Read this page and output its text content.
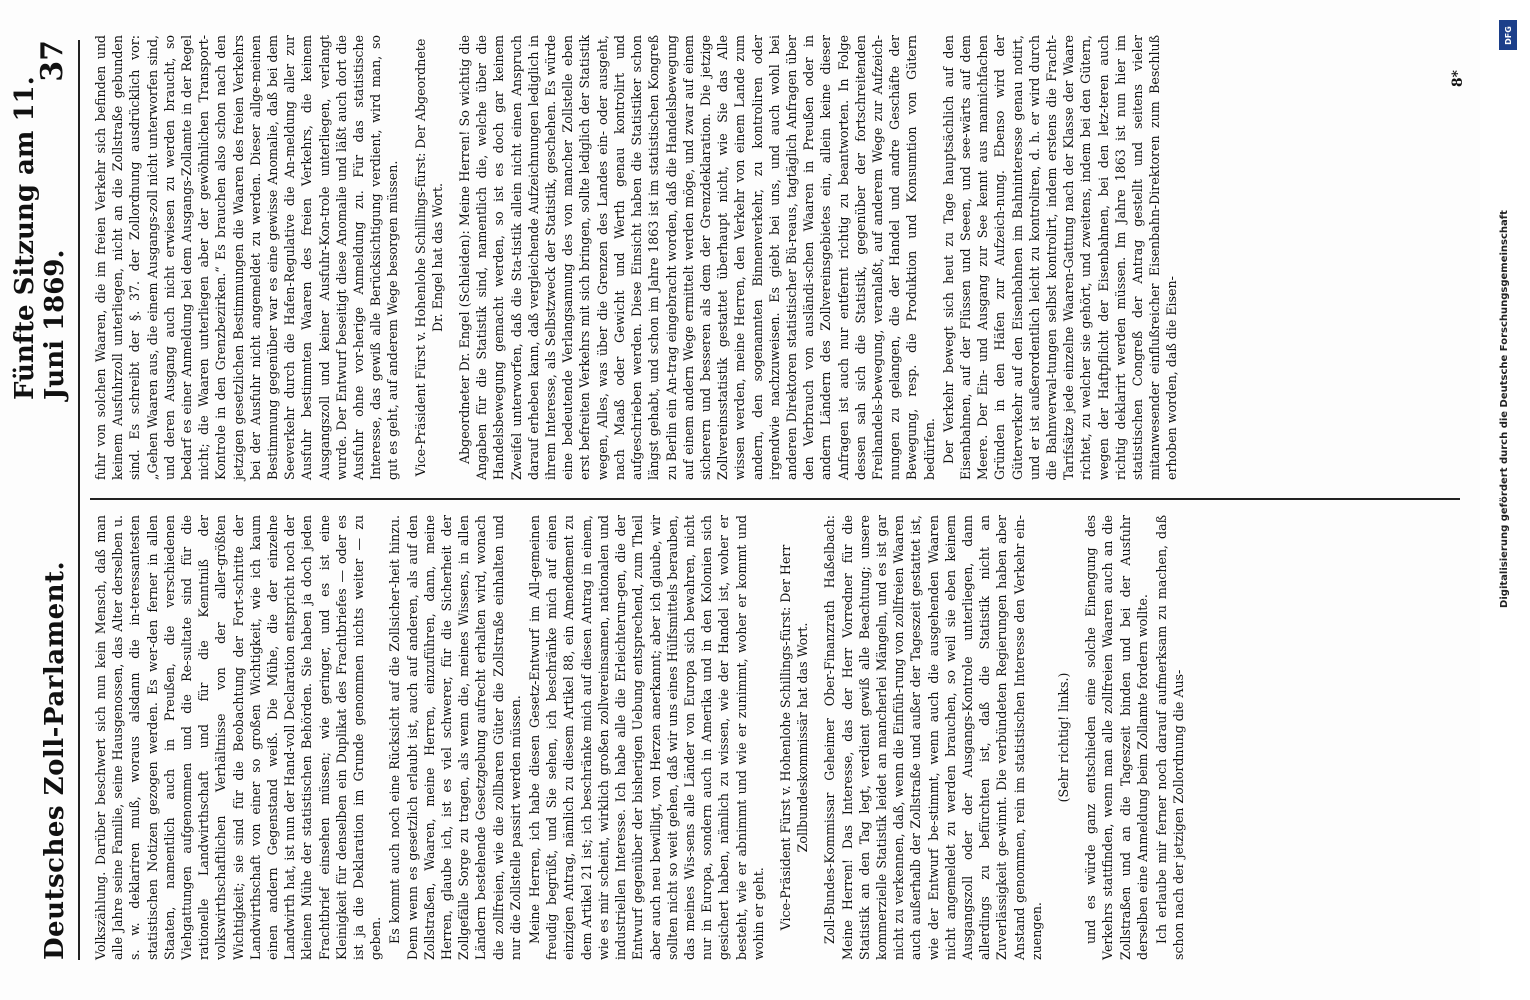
Deutsches Zoll-Parlament.
Fünfte Sitzung am 11. Juni 1869.
37

Volkszählung. Darüber beschwert sich nun kein Mensch, daß man alle Jahre seine Familie, seine Hausgenossen, das Alter derselben u. s. w. deklariren muß, woraus alsdann die in-teressantesten statistischen Notizen gezogen werden. Es wer-den ferner in allen Staaten, namentlich auch in Preußen, die verschiedenen Viehgattungen aufgenommen und die Re-sultate sind für die rationelle Landwirthschaft und für die Kenntniß der volkswirthschaftlichen Verhältnisse von der aller-größten Wichtigkeit; sie sind für die Beobachtung der Fort-schritte der Landwirthschaft von einer so großen Wichtigkeit, wie ich kaum einen andern Gegenstand weiß. Die Mühe, die der einzelne Landwirth hat, ist nun der Hand-voll Declaration entspricht noch der kleinen Mühe der statistischen Behörden. Sie haben ja doch jeden Frachtbrief einsehen müssen; wie geringer, und es ist eine Kleinigkeit für denselben ein Duplikat des Frachtbriefes — oder es ist ja die Deklaration im Grunde genommen nichts weiter — zu geben. Es kommt auch noch eine Rücksicht auf die Zollsicher-heit hinzu. Denn wenn es gesetzlich erlaubt ist, auch auf anderen, als auf den Zollstraßen, Waaren, meine Herren, einzuführen, dann, meine Herren, glaube ich, ist es viel schwerer, für die Sicherheit der Zollgefälle Sorge zu tragen, als wenn die, meines Wissens, in allen Ländern bestehende Gesetzgebung aufrecht erhalten wird, wonach die zollfreien, wie die zollbaren Güter die Zollstraße einhalten und nur die Zollstelle passirt werden müssen. Meine Herren, ich habe diesen Gesetz-Entwurf im All-gemeinen freudig begrüßt, und Sie sehen, ich beschränke mich auf einen einzigen Antrag, nämlich zu diesem Artikel 88, ein Amendement zu dem Artikel 21 ist; ich beschränke mich auf diesen Antrag in einem, wie es mir scheint, wirklich großen zollvereinsamen, nationalen und industriellen Interesse. Ich habe alle die Erleichterun-gen, die der Entwurf gegenüber der bisherigen Uebung entsprechend, zum Theil aber auch neu bewilligt, von Herzen anerkannt; aber ich glaube, wir sollten nicht so weit gehen, daß wir uns eines Hülfsmittels berauben, das meines Wis-sens alle Länder von Europa sich bewahren, nicht nur in Europa, sondern auch in Amerika und in den Kolonien sich gesichert haben, nämlich zu wissen, wie der Handel ist, woher er besteht, wie er abnimmt und wie er zunimmt, woher er kommt und wohin er geht. Vice-Präsident Fürst v. Hohenlohe Schillings-fürst: Der Herr Zollbundeskommissär hat das Wort. Zoll-Bundes-Kommissar Geheimer Ober-Finanzrath Haßelbach: Meine Herren! Das Interesse, das der Herr Vorredner für die Statistik an den Tag legt, verdient gewiß alle Beachtung; unsere kommerzielle Statistik leidet an mancherlei Mängeln, und es ist gar nicht zu verkennen, daß, wenn die Einfüh-rung von zollfreien Waaren auch außerhalb der Zollstraße und außer der Tageszeit gestattet ist, wie der Entwurf be-stimmt, wenn auch die ausgehenden Waaren nicht angemeldet zu werden brauchen, so weil sie eben keinem Ausgangszoll oder der Ausgangs-Kontrole unterliegen, dann allerdings zu befürchten ist, daß die Statistik nicht an Zuverlässigkeit ge-winnt. Die verbündeten Regierungen haben aber Anstand genommen, rein im statistischen Interesse den Verkehr ein-zuengen.

(Sehr richtig! links.) und es würde ganz entschieden eine solche Einengung des Verkehrs stattfinden, wenn man alle zollfreien Waaren auch an die Zollstraßen und an die Tageszeit binden und bei der Ausfuhr derselben eine Anmeldung beim Zollamte fordern wollte. Ich erlaube mir ferner noch darauf aufmerksam zu machen, daß schon nach der jetzigen Zollordnung die Aus-

fuhr von solchen Waaren, die im freien Verkehr sich befinden und keinem Ausfuhrzoll unterliegen, nicht an die Zollstraße gebunden sind. Es schreibt der §. 37. der Zollordnung ausdrücklich vor: „Gehen Waaren aus, die einem Ausgangs-zoll nicht unterworfen sind, und deren Ausgang auch nicht erwiesen zu werden braucht, so bedarf es einer Anmeldung bei dem Ausgangs-Zollamte in der Regel nicht; die Waaren unterliegen aber der gewöhnlichen Transport-Kontrole in den Grenzbezirken.“ Es brauchen also schon nach den jetzigen gesetzlichen Bestimmungen die Waaren des freien Verkehrs bei der Ausfuhr nicht angemeldet zu werden. Dieser allge-meinen Bestimmung gegenüber war es eine gewisse Anomalie, daß bei dem Seeverkehr durch die Hafen-Regulative die An-meldung aller zur Ausfuhr bestimmten Waaren des freien Verkehrs, die keinem Ausgangszoll und keiner Ausfuhr-Kon-trole unterliegen, verlangt wurde. Der Entwurf beseitigt diese Anomalie und läßt auch dort die Ausfuhr ohne vor-herige Anmeldung zu. Für das statistische Interesse, das gewiß alle Berücksichtigung verdient, wird man, so gut es geht, auf anderem Wege besorgen müssen. Vice-Präsident Fürst v. Hohenlohe Schillings-fürst: Der Abgeordnete Dr. Engel hat das Wort. Abgeordneter Dr. Engel (Schleiden): Meine Herren! So wichtig die Angaben für die Statistik sind, namentlich die, welche über die Handelsbewegung gemacht werden, so ist es doch gar keinem Zweifel unterworfen, daß die Sta-tistik allein nicht einen Anspruch darauf erheben kann, daß vergleichende Aufzeichnungen lediglich in ihrem Interesse, als Selbstzweck der Statistik, geschehen. Es würde eine bedeutende Verlangsamung des von mancher Zollstelle eben erst befreiten Verkehrs mit sich bringen, sollte lediglich der Statistik wegen, Alles, was über die Grenzen des Landes ein- oder ausgeht, nach Maaß oder Gewicht und Werth genau kontrolirt und aufgeschrieben werden. Diese Einsicht haben die Statistiker schon längst gehabt, und schon im Jahre 1863 ist im statistischen Kongreß zu Berlin ein An-trag eingebracht worden, daß die Handelsbewegung auf einem andern Wege ermittelt werden möge, und zwar auf einem sicherern und besseren als dem der Grenzdeklaration. Die jetzige Zollvereinsstatistik gestattet überhaupt nicht, wie Sie das Alle wissen werden, meine Herren, den Verkehr von einem Lande zum andern, den sogenannten Binnenverkehr, zu kontroliren oder irgendwie nachzuweisen. Es giebt bei uns, und auch wohl bei anderen Direktoren statistischer Bü-reaus, tagtäglich Anfragen über den Verbrauch von ausländi-schen Waaren in Preußen oder in andern Ländern des Zollvereinsgebietes ein, allein keine dieser Anfragen ist auch nur entfernt richtig zu beantworten. In Folge dessen sah sich die Statistik, gegenüber der fortschreitenden Freihandels-bewegung, veranlaßt, auf anderem Wege zur Aufzeich-nungen zu gelangen, die der Handel und andre Geschäfte der Bewegung, resp. die Produktion und Konsumtion von Gütern bedürfen. Der Verkehr bewegt sich heut zu Tage hauptsächlich auf den Eisenbahnen, auf der Flüssen und Seeen, und see-wärts auf dem Meere. Der Ein- und Ausgang zur See kennt aus mannichfachen Gründen in den Häfen zur Aufzeich-nung. Ebenso wird der Güterverkehr auf den Eisenbahnen im Bahninteresse genau notirt, und er ist außerordentlich leicht zu kontroliren, d. h. er wird durch die Bahnverwal-tungen selbst kontrolirt, indem erstens die Fracht-Tarifsätze jede einzelne Waaren-Gattung nach der Klasse der Waare richtet, zu welcher sie gehört, und zweitens, indem bei den Gütern, wegen der Haftpflicht der Eisenbahnen, bei den letz-teren auch richtig deklarirt werden müssen. Im Jahre 1863 ist nun hier im statistischen Congreß der Antrag gestellt und seitens vieler mitanwesender einflußreicher Eisenbahn-Direktoren zum Beschluß erhoben worden, daß die Eisen-

8*
DFG
Digitalisierung gefördert durch die Deutsche Forschungsgemeinschaft
